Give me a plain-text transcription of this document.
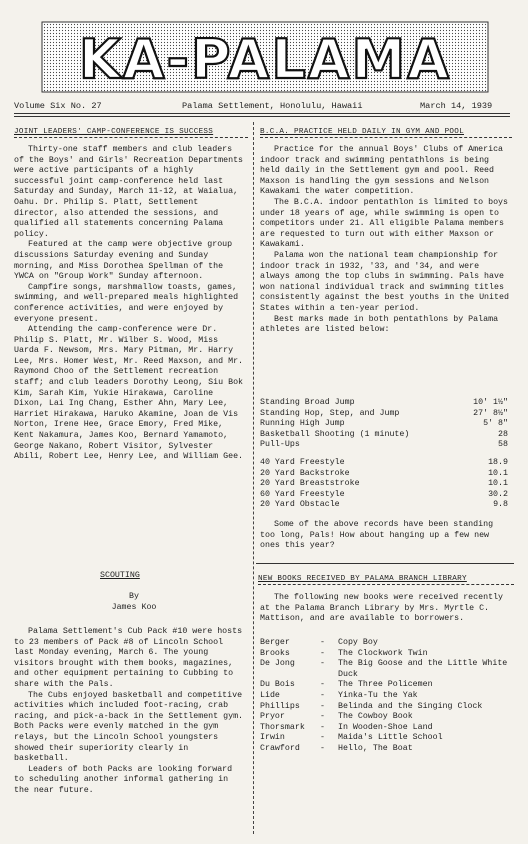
KA-PALAMA
Volume Six No. 27	Palama Settlement, Honolulu, Hawaii	March 14, 1939
JOINT LEADERS' CAMP-CONFERENCE IS SUCCESS

Thirty-one staff members and club leaders of the Boys' and Girls' Recreation Departments were active participants of a highly successful joint camp-conference held last Saturday and Sunday, March 11-12, at Waialua, Oahu. Dr. Philip S. Platt, Settlement director, also attended the sessions, and qualified all statements concerning Palama policy.

Featured at the camp were objective group discussions Saturday evening and Sunday morning, and Miss Dorothea Spellman of the YWCA on "Group Work" Sunday afternoon.

Campfire songs, marshmallow toasts, games, swimming, and well-prepared meals highlighted conference activities, and were enjoyed by everyone present.

Attending the camp-conference were Dr. Philip S. Platt, Mr. Wilber S. Wood, Miss Uarda F. Newsom, Mrs. Mary Pitman, Mr. Harry Lee, Mrs. Homer West, Mr. Reed Maxson, and Mr. Raymond Choo of the Settlement recreation staff; and club leaders Dorothy Leong, Siu Bok Kim, Sarah Kim, Yukie Hirakawa, Caroline Dixon, Lai Ing Chang, Esther Ahn, Mary Lee, Harriet Hirakawa, Haruko Akamine, Joan de Vis Norton, Irene Hee, Grace Emory, Fred Mike, Kent Nakamura, James Koo, Bernard Yamamoto, George Nakano, Robert Visitor, Sylvester Abili, Robert Lee, Henry Lee, and William Gee.

SCOUTING
By
James Koo

Palama Settlement's Cub Pack #10 were hosts to 23 members of Pack #8 of Lincoln School last Monday evening, March 6. The young visitors brought with them books, magazines, and other equipment pertaining to Cubbing to share with the Pals.

The Cubs enjoyed basketball and competitive activities which included foot-racing, crab racing, and pick-a-back in the Settlement gym. Both Packs were evenly matched in the gym relays, but the Lincoln School youngsters showed their superiority clearly in basketball.

Leaders of both Packs are looking forward to scheduling another informal gathering in the near future.

B.C.A. PRACTICE HELD DAILY IN GYM AND POOL

Practice for the annual Boys' Clubs of America indoor track and swimming pentathlons is being held daily in the Settlement gym and pool. Reed Maxson is handling the gym sessions and Nelson Kawakami the water competition.

The B.C.A. indoor pentathlon is limited to boys under 18 years of age, while swimming is open to competitors under 21. All eligible Palama members are requested to turn out with either Maxson or Kawakami.

Palama won the national team championship for indoor track in 1932, '33, and '34, and were always among the top clubs in swimming. Pals have won national individual track and swimming titles consistently against the best youths in the United States within a ten-year period.

Best marks made in both pentathlons by Palama athletes are listed below:

Standing Broad Jump	10' 1½"
Standing Hop, Step, and Jump	27' 8½"
Running High Jump	5' 8"
Basketball Shooting (1 minute)	28
Pull-Ups	58
40 Yard Freestyle	18.9
20 Yard Backstroke	10.1
20 Yard Breaststroke	10.1
60 Yard Freestyle	30.2
20 Yard Obstacle	9.8

Some of the above records have been standing too long, Pals! How about hanging up a few new ones this year?

NEW BOOKS RECEIVED BY PALAMA BRANCH LIBRARY

The following new books were received recently at the Palama Branch Library by Mrs. Myrtle C. Mattison, and are available to borrowers.

Berger	-	Copy Boy
Brooks	-	The Clockwork Twin
De Jong	-	The Big Goose and the Little White Duck
Du Bois	-	The Three Policemen
Lide	-	Yinka-Tu the Yak
Phillips	-	Belinda and the Singing Clock
Pryor	-	The Cowboy Book
Thorsmark	-	In Wooden-Shoe Land
Irwin	-	Maida's Little School
Crawford	-	Hello, The Boat
